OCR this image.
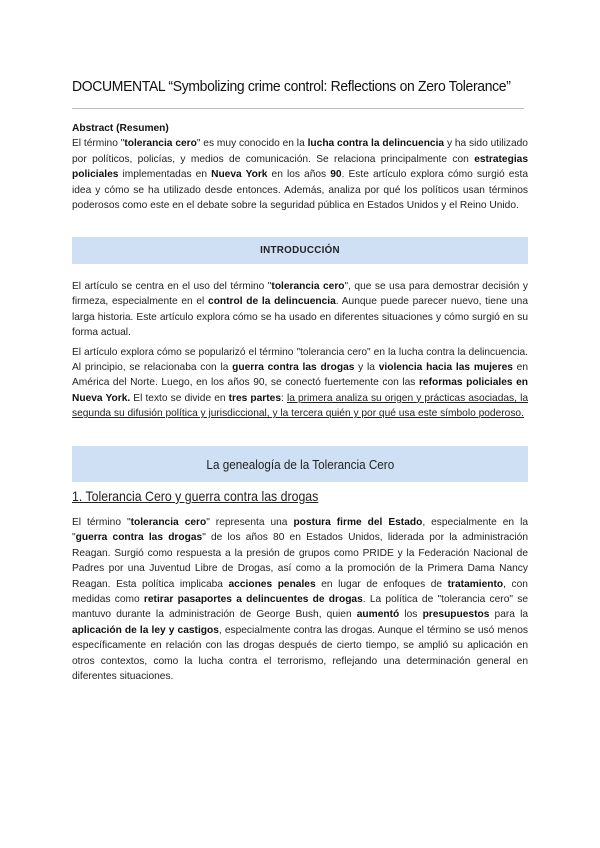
DOCUMENTAL “Symbolizing crime control: Reflections on Zero Tolerance”

Abstract (Resumen)

El término "tolerancia cero" es muy conocido en la lucha contra la delincuencia y ha sido utilizado por políticos, policías, y medios de comunicación. Se relaciona principalmente con estrategias policiales implementadas en Nueva York en los años 90. Este artículo explora cómo surgió esta idea y cómo se ha utilizado desde entonces. Además, analiza por qué los políticos usan términos poderosos como este en el debate sobre la seguridad pública en Estados Unidos y el Reino Unido.

INTRODUCCIÓN

El artículo se centra en el uso del término "tolerancia cero", que se usa para demostrar decisión y firmeza, especialmente en el control de la delincuencia. Aunque puede parecer nuevo, tiene una larga historia. Este artículo explora cómo se ha usado en diferentes situaciones y cómo surgió en su forma actual.

El artículo explora cómo se popularizó el término "tolerancia cero" en la lucha contra la delincuencia. Al principio, se relacionaba con la guerra contra las drogas y la violencia hacia las mujeres en América del Norte. Luego, en los años 90, se conectó fuertemente con las reformas policiales en Nueva York. El texto se divide en tres partes: la primera analiza su origen y prácticas asociadas, la segunda su difusión política y jurisdiccional, y la tercera quién y por qué usa este símbolo poderoso.

La genealogía de la Tolerancia Cero
1. Tolerancia Cero y guerra contra las drogas

El término "tolerancia cero" representa una postura firme del Estado, especialmente en la "guerra contra las drogas" de los años 80 en Estados Unidos, liderada por la administración Reagan. Surgió como respuesta a la presión de grupos como PRIDE y la Federación Nacional de Padres por una Juventud Libre de Drogas, así como a la promoción de la Primera Dama Nancy Reagan. Esta política implicaba acciones penales en lugar de enfoques de tratamiento, con medidas como retirar pasaportes a delincuentes de drogas. La política de "tolerancia cero" se mantuvo durante la administración de George Bush, quien aumentó los presupuestos para la aplicación de la ley y castigos, especialmente contra las drogas. Aunque el término se usó menos específicamente en relación con las drogas después de cierto tiempo, se amplió su aplicación en otros contextos, como la lucha contra el terrorismo, reflejando una determinación general en diferentes situaciones.
